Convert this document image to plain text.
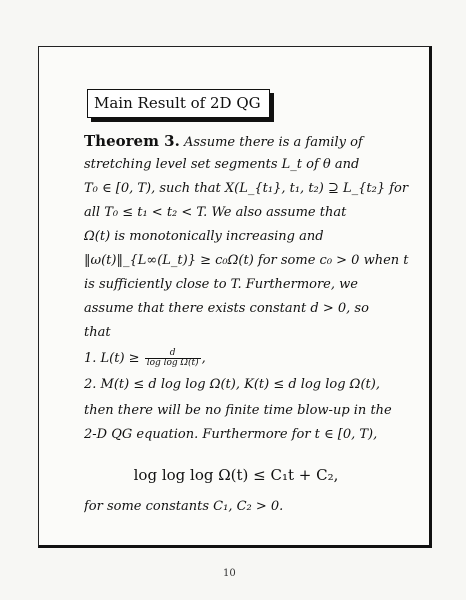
Main Result of 2D QG
Theorem 3. Assume there is a family of
stretching level set segments L_t of θ and
T₀ ∈ [0, T), such that X(L_{t₁}, t₁, t₂) ⊇ L_{t₂} for
all T₀ ≤ t₁ < t₂ < T. We also assume that
Ω(t) is monotonically increasing and
‖ω(t)‖_{L∞(L_t)} ≥ c₀Ω(t) for some c₀ > 0 when t
is sufficiently close to T. Furthermore, we
assume that there exists constant d > 0, so
that
1. $L(t) \ge \frac{d}{\text{log log Ω(t)}}$ ,
2. M(t) ≤ d log log Ω(t), K(t) ≤ d log log Ω(t),
then there will be no finite time blow-up in the
2-D QG equation. Furthermore for t ∈ [0, T),
log log log Ω(t) ≤ C₁t + C₂,
for some constants C₁, C₂ > 0.
10
